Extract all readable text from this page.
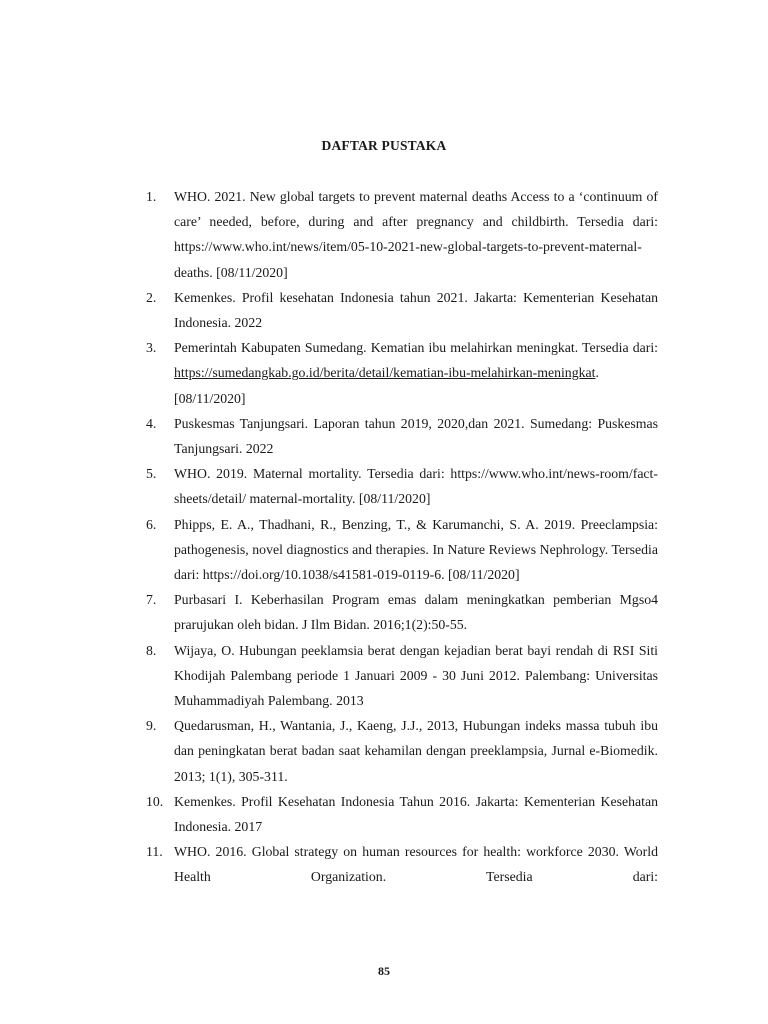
DAFTAR PUSTAKA
1. WHO. 2021. New global targets to prevent maternal deaths Access to a ‘continuum of care’ needed, before, during and after pregnancy and childbirth. Tersedia dari: https://www.who.int/news/item/05-10-2021-new-global-targets-to-prevent-maternal-deaths. [08/11/2020]
2. Kemenkes. Profil kesehatan Indonesia tahun 2021. Jakarta: Kementerian Kesehatan Indonesia. 2022
3. Pemerintah Kabupaten Sumedang. Kematian ibu melahirkan meningkat. Tersedia dari: https://sumedangkab.go.id/berita/detail/kematian-ibu-melahirkan-meningkat. [08/11/2020]
4. Puskesmas Tanjungsari. Laporan tahun 2019, 2020,dan 2021. Sumedang: Puskesmas Tanjungsari. 2022
5. WHO. 2019. Maternal mortality. Tersedia dari: https://www.who.int/news-room/fact-sheets/detail/ maternal-mortality. [08/11/2020]
6. Phipps, E. A., Thadhani, R., Benzing, T., & Karumanchi, S. A. 2019. Preeclampsia: pathogenesis, novel diagnostics and therapies. In Nature Reviews Nephrology. Tersedia dari: https://doi.org/10.1038/s41581-019-0119-6. [08/11/2020]
7. Purbasari I. Keberhasilan Program emas dalam meningkatkan pemberian Mgso4 prarujukan oleh bidan. J Ilm Bidan. 2016;1(2):50-55.
8. Wijaya, O. Hubungan peeklamsia berat dengan kejadian berat bayi rendah di RSI Siti Khodijah Palembang periode 1 Januari 2009 - 30 Juni 2012. Palembang: Universitas Muhammadiyah Palembang. 2013
9. Quedarusman, H., Wantania, J., Kaeng, J.J., 2013, Hubungan indeks massa tubuh ibu dan peningkatan berat badan saat kehamilan dengan preeklampsia, Jurnal e-Biomedik. 2013; 1(1), 305-311.
10. Kemenkes. Profil Kesehatan Indonesia Tahun 2016. Jakarta: Kementerian Kesehatan Indonesia. 2017
11. WHO. 2016. Global strategy on human resources for health: workforce 2030. World Health Organization. Tersedia dari:
85
